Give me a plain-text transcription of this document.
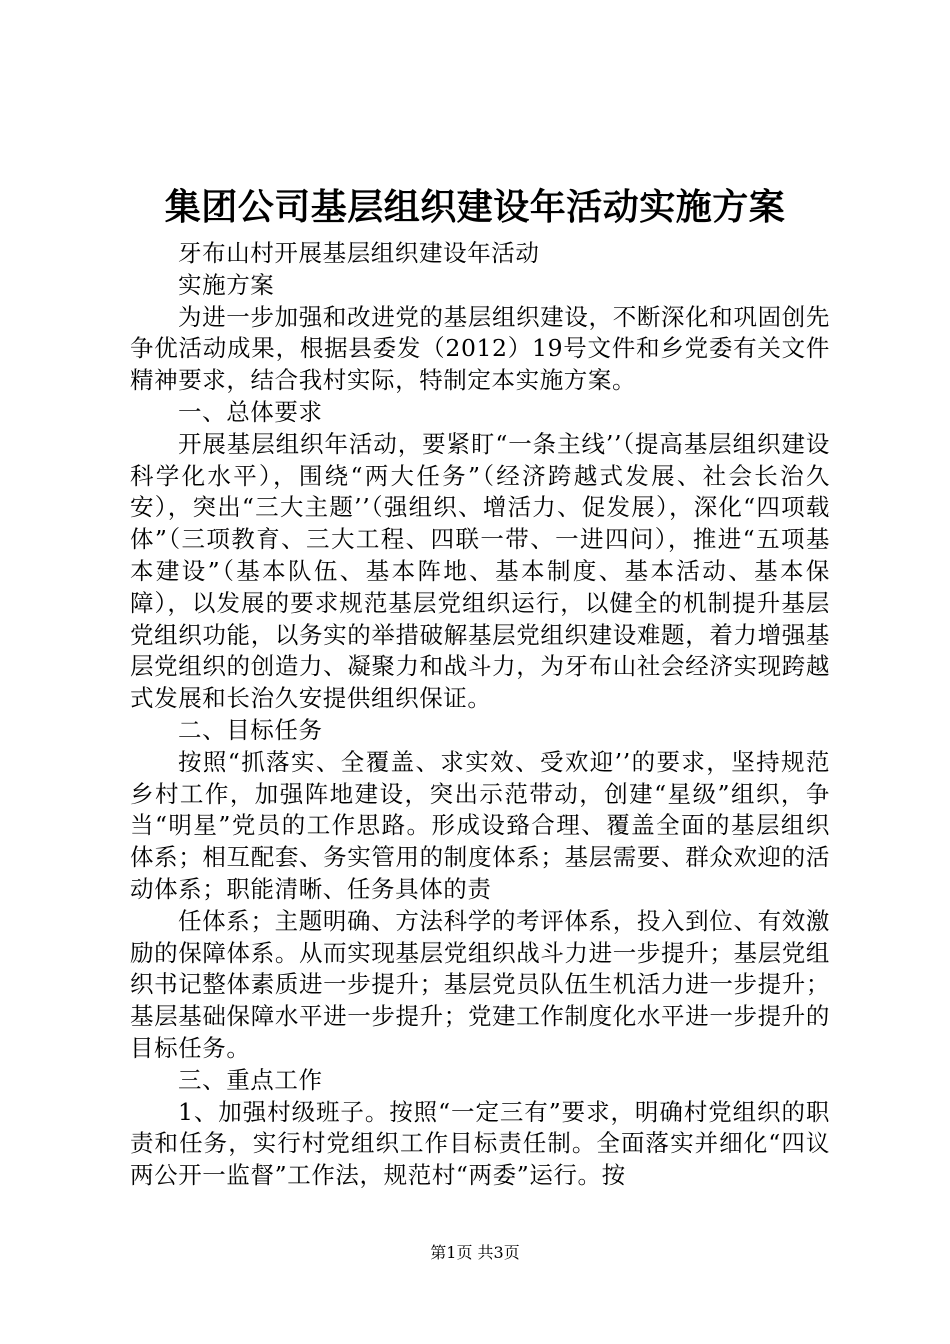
集团公司基层组织建设年活动实施方案

牙布山村开展基层组织建设年活动

实施方案

为进一步加强和改进党的基层组织建设，不断深化和巩固创先争优活动成果，根据县委发（2012）19号文件和乡党委有关文件精神要求，结合我村实际，特制定本实施方案。

一、总体要求

开展基层组织年活动，要紧盯“一条主线’’（提高基层组织建设科学化水平），围绕“两大任务”（经济跨越式发展、社会长治久安），突出“三大主题’’（强组织、增活力、促发展），深化“四项载体”（三项教育、三大工程、四联一带、一进四问），推进“五项基本建设”（基本队伍、基本阵地、基本制度、基本活动、基本保障），以发展的要求规范基层党组织运行，以健全的机制提升基层党组织功能，以务实的举措破解基层党组织建设难题，着力增强基层党组织的创造力、凝聚力和战斗力，为牙布山社会经济实现跨越式发展和长治久安提供组织保证。

二、目标任务

按照“抓落实、全覆盖、求实效、受欢迎’’的要求，坚持规范乡村工作，加强阵地建设，突出示范带动，创建“星级”组织，争当“明星”党员的工作思路。形成设臵合理、覆盖全面的基层组织体系；相互配套、务实管用的制度体系；基层需要、群众欢迎的活动体系；职能清晰、任务具体的责

任体系；主题明确、方法科学的考评体系，投入到位、有效激励的保障体系。从而实现基层党组织战斗力进一步提升；基层党组织书记整体素质进一步提升；基层党员队伍生机活力进一步提升；基层基础保障水平进一步提升；党建工作制度化水平进一步提升的目标任务。

三、重点工作

1、加强村级班子。按照“一定三有”要求，明确村党组织的职责和任务，实行村党组织工作目标责任制。全面落实并细化“四议两公开一监督”工作法，规范村“两委”运行。按

第1页 共3页
